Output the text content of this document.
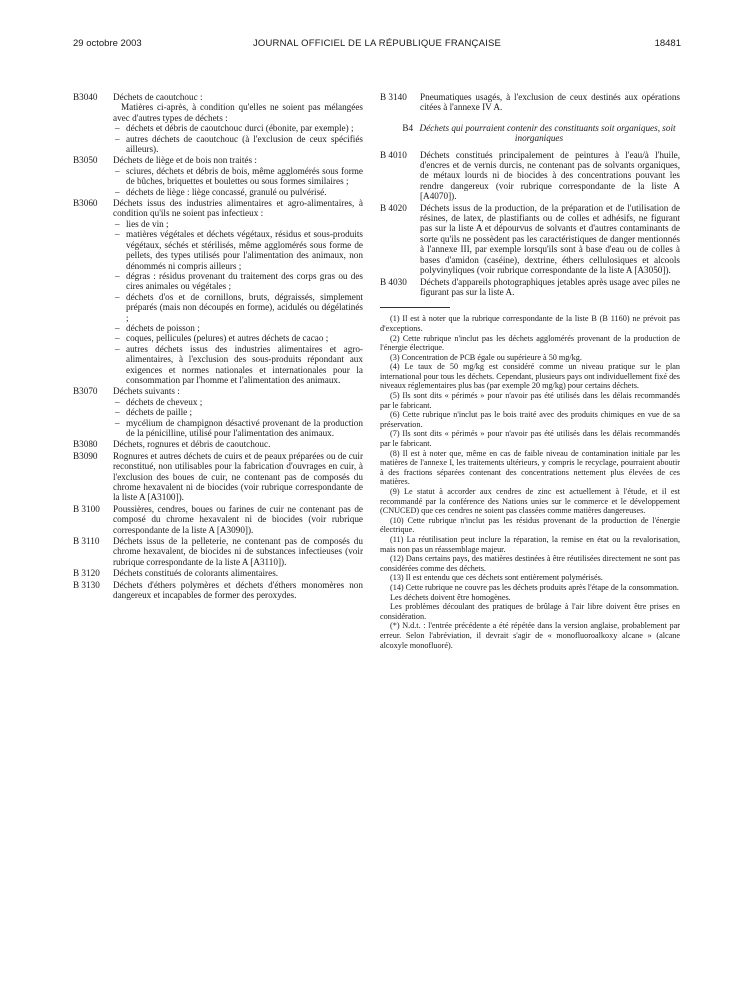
29 octobre 2003	JOURNAL OFFICIEL DE LA RÉPUBLIQUE FRANÇAISE	18481
B3040 Déchets de caoutchouc :
Matières ci-après, à condition qu'elles ne soient pas mélangées avec d'autres types de déchets :
– déchets et débris de caoutchouc durci (ébonite, par exemple) ;
– autres déchets de caoutchouc (à l'exclusion de ceux spécifiés ailleurs).
B3050 Déchets de liège et de bois non traités :
– sciures, déchets et débris de bois, même agglomérés sous forme de bûches, briquettes et boulettes ou sous formes similaires ;
– déchets de liège : liège concassé, granulé ou pulvérisé.
B3060 Déchets issus des industries alimentaires et agro-alimentaires, à condition qu'ils ne soient pas infectieux :
– lies de vin ;
– matières végétales et déchets végétaux, résidus et sous-produits végétaux, séchés et stérilisés, même agglomérés sous forme de pellets, des types utilisés pour l'alimentation des animaux, non dénommés ni compris ailleurs ;
– dégras : résidus provenant du traitement des corps gras ou des cires animales ou végétales ;
– déchets d'os et de cornillons, bruts, dégraissés, simplement préparés (mais non découpés en forme), acidulés ou dégélatinés ;
– déchets de poisson ;
– coques, pellicules (pelures) et autres déchets de cacao ;
– autres déchets issus des industries alimentaires et agro-alimentaires, à l'exclusion des sous-produits répondant aux exigences et normes nationales et internationales pour la consommation par l'homme et l'alimentation des animaux.
B3070 Déchets suivants :
– déchets de cheveux ;
– déchets de paille ;
– mycélium de champignon désactivé provenant de la production de la pénicilline, utilisé pour l'alimentation des animaux.
B3080 Déchets, rognures et débris de caoutchouc.
B3090 Rognures et autres déchets de cuirs et de peaux préparées ou de cuir reconstitué, non utilisables pour la fabrication d'ouvrages en cuir, à l'exclusion des boues de cuir, ne contenant pas de composés du chrome hexavalent ni de biocides (voir rubrique correspondante de la liste A [A3100]).
B 3100 Poussières, cendres, boues ou farines de cuir ne contenant pas de composé du chrome hexavalent ni de biocides (voir rubrique correspondante de la liste A [A3090]).
B 3110 Déchets issus de la pelleterie, ne contenant pas de composés du chrome hexavalent, de biocides ni de substances infectieuses (voir rubrique correspondante de la liste A [A3110]).
B 3120 Déchets constitués de colorants alimentaires.
B 3130 Déchets d'éthers polymères et déchets d'éthers monomères non dangereux et incapables de former des peroxydes.
B 3140 Pneumatiques usagés, à l'exclusion de ceux destinés aux opérations citées à l'annexe IV A.
B4 Déchets qui pourraient contenir des constituants soit organiques, soit inorganiques
B 4010 Déchets constitués principalement de peintures à l'eau/à l'huile, d'encres et de vernis durcis, ne contenant pas de solvants organiques, de métaux lourds ni de biocides à des concentrations pouvant les rendre dangereux (voir rubrique correspondante de la liste A [A4070]).
B 4020 Déchets issus de la production, de la préparation et de l'utilisation de résines, de latex, de plastifiants ou de colles et adhésifs, ne figurant pas sur la liste A et dépourvus de solvants et d'autres contaminants de sorte qu'ils ne possèdent pas les caractéristiques de danger mentionnés à l'annexe III, par exemple lorsqu'ils sont à base d'eau ou de colles à bases d'amidon (caséine), dextrine, éthers cellulosiques et alcools polyvinyliques (voir rubrique correspondante de la liste A [A3050]).
B 4030 Déchets d'appareils photographiques jetables après usage avec piles ne figurant pas sur la liste A.

(1) Il est à noter que la rubrique correspondante de la liste B (B 1160) ne prévoit pas d'exceptions.

(2) Cette rubrique n'inclut pas les déchets agglomérés provenant de la production de l'énergie électrique.

(3) Concentration de PCB égale ou supérieure à 50 mg/kg.

(4) Le taux de 50 mg/kg est considéré comme un niveau pratique sur le plan international pour tous les déchets. Cependant, plusieurs pays ont individuellement fixé des niveaux réglementaires plus bas (par exemple 20 mg/kg) pour certains déchets.

(5) Ils sont dits « périmés » pour n'avoir pas été utilisés dans les délais recommandés par le fabricant.

(6) Cette rubrique n'inclut pas le bois traité avec des produits chimiques en vue de sa préservation.

(7) Ils sont dits « périmés » pour n'avoir pas été utilisés dans les délais recommandés par le fabricant.

(8) Il est à noter que, même en cas de faible niveau de contamination initiale par les matières de l'annexe I, les traitements ultérieurs, y compris le recyclage, pourraient aboutir à des fractions séparées contenant des concentrations nettement plus élevées de ces matières.

(9) Le statut à accorder aux cendres de zinc est actuellement à l'étude, et il est recommandé par la conférence des Nations unies sur le commerce et le développement (CNUCED) que ces cendres ne soient pas classées comme matières dangereuses.

(10) Cette rubrique n'inclut pas les résidus provenant de la production de l'énergie électrique.

(11) La réutilisation peut inclure la réparation, la remise en état ou la revalorisation, mais non pas un réassemblage majeur.

(12) Dans certains pays, des matières destinées à être réutilisées directement ne sont pas considérées comme des déchets.

(13) Il est entendu que ces déchets sont entièrement polymérisés.

(14) Cette rubrique ne couvre pas les déchets produits après l'étape de la consommation.

Les déchets doivent être homogènes.

Les problèmes découlant des pratiques de brûlage à l'air libre doivent être prises en considération.

(*) N.d.t. : l'entrée précédente a été répétée dans la version anglaise, probablement par erreur. Selon l'abréviation, il devrait s'agir de « monofluoroalkoxy alcane » (alcane alcoxyle monofluoré).
